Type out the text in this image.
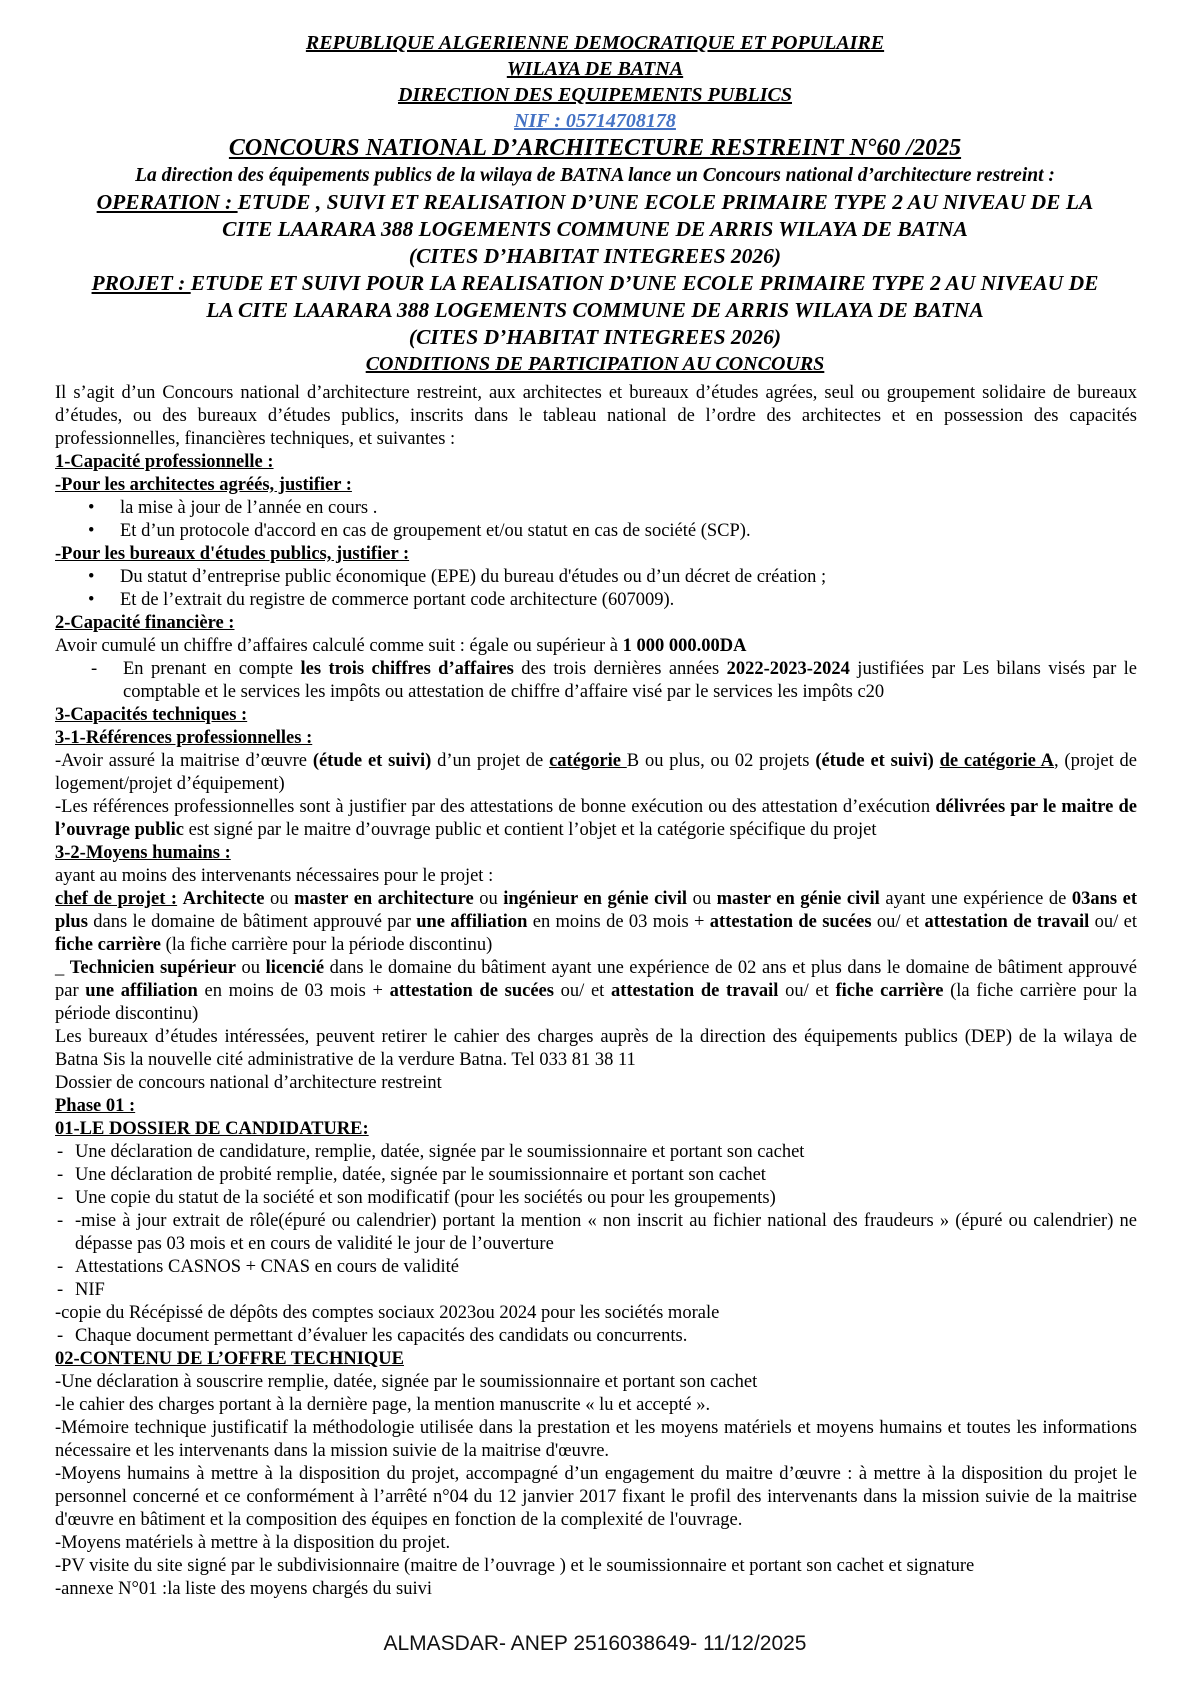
REPUBLIQUE ALGERIENNE DEMOCRATIQUE ET POPULAIRE
WILAYA DE BATNA
DIRECTION DES EQUIPEMENTS PUBLICS
NIF : 05714708178
CONCOURS NATIONAL D’ARCHITECTURE RESTREINT N°60 /2025
La direction des équipements publics de la wilaya de BATNA lance un Concours national d’architecture restreint :
OPERATION : ETUDE , SUIVI ET REALISATION D’UNE ECOLE PRIMAIRE TYPE 2 AU NIVEAU DE LA
CITE LAARARA 388 LOGEMENTS COMMUNE DE ARRIS WILAYA DE BATNA
(CITES D’HABITAT INTEGREES 2026)
PROJET : ETUDE ET SUIVI POUR LA REALISATION D’UNE ECOLE PRIMAIRE TYPE 2 AU NIVEAU DE
LA CITE LAARARA 388 LOGEMENTS COMMUNE DE ARRIS WILAYA DE BATNA
(CITES D’HABITAT INTEGREES 2026)
CONDITIONS DE PARTICIPATION AU CONCOURS
Il s’agit d’un Concours national d’architecture restreint, aux architectes et bureaux d’études agrées, seul ou groupement solidaire de bureaux d’études, ou des bureaux d’études publics, inscrits dans le tableau national de l’ordre des architectes et en possession des capacités professionnelles, financières techniques, et suivantes :
1-Capacité professionnelle :
-Pour les architectes agréés, justifier :
• la mise à jour de l’année en cours .
• Et d’un protocole d'accord en cas de groupement et/ou statut en cas de société (SCP).
-Pour les bureaux d'études publics, justifier :
• Du statut d’entreprise public économique (EPE) du bureau d'études ou d’un décret de création ;
• Et de l’extrait du registre de commerce portant code architecture (607009).
2-Capacité financière :
Avoir cumulé un chiffre d’affaires calculé comme suit : égale ou supérieur à 1 000 000.00DA
- En prenant en compte les trois chiffres d’affaires des trois dernières années 2022-2023-2024 justifiées par Les bilans visés par le comptable et le services les impôts ou attestation de chiffre d’affaire visé par le services les impôts c20
3-Capacités techniques :
3-1-Références professionnelles :
-Avoir assuré la maitrise d’œuvre (étude et suivi) d’un projet de catégorie B ou plus, ou 02 projets (étude et suivi) de catégorie A, (projet de logement/projet d’équipement)
-Les références professionnelles sont à justifier par des attestations de bonne exécution ou des attestation d’exécution délivrées par le maitre de l’ouvrage public est signé par le maitre d’ouvrage public et contient l’objet et la catégorie spécifique du projet
3-2-Moyens humains :
ayant au moins des intervenants nécessaires pour le projet :
chef de projet : Architecte ou master en architecture ou ingénieur en génie civil ou master en génie civil ayant une expérience de 03ans et plus dans le domaine de bâtiment approuvé par une affiliation en moins de 03 mois + attestation de sucées ou/ et attestation de travail ou/ et fiche carrière (la fiche carrière pour la période discontinu)
_ Technicien supérieur ou licencié dans le domaine du bâtiment ayant une expérience de 02 ans et plus dans le domaine de bâtiment approuvé par une affiliation en moins de 03 mois + attestation de sucées ou/ et attestation de travail ou/ et fiche carrière (la fiche carrière pour la période discontinu)
Les bureaux d’études intéressées, peuvent retirer le cahier des charges auprès de la direction des équipements publics (DEP) de la wilaya de Batna Sis la nouvelle cité administrative de la verdure Batna. Tel 033 81 38 11
Dossier de concours national d’architecture restreint
Phase 01 :
01-LE DOSSIER DE CANDIDATURE:
- Une déclaration de candidature, remplie, datée, signée par le soumissionnaire et portant son cachet
- Une déclaration de probité remplie, datée, signée par le soumissionnaire et portant son cachet
- Une copie du statut de la société et son modificatif (pour les sociétés ou pour les groupements)
- -mise à jour extrait de rôle(épuré ou calendrier) portant la mention « non inscrit au fichier national des fraudeurs » (épuré ou calendrier) ne dépasse pas 03 mois et en cours de validité le jour de l’ouverture
- Attestations CASNOS + CNAS en cours de validité
- NIF
-copie du Récépissé de dépôts des comptes sociaux 2023ou 2024 pour les sociétés morale
- Chaque document permettant d’évaluer les capacités des candidats ou concurrents.
02-CONTENU DE L’OFFRE TECHNIQUE
-Une déclaration à souscrire remplie, datée, signée par le soumissionnaire et portant son cachet
-le cahier des charges portant à la dernière page, la mention manuscrite « lu et accepté ».
-Mémoire technique justificatif la méthodologie utilisée dans la prestation et les moyens matériels et moyens humains et toutes les informations nécessaire et les intervenants dans la mission suivie de la maitrise d'œuvre.
-Moyens humains à mettre à la disposition du projet, accompagné d’un engagement du maitre d’œuvre : à mettre à la disposition du projet le personnel concerné et ce conformément à l’arrêté n°04 du 12 janvier 2017 fixant le profil des intervenants dans la mission suivie de la maitrise d'œuvre en bâtiment et la composition des équipes en fonction de la complexité de l'ouvrage.
-Moyens matériels à mettre à la disposition du projet.
-PV visite du site signé par le subdivisionnaire (maitre de l’ouvrage ) et le soumissionnaire et portant son cachet et signature
-annexe N°01 :la liste des moyens chargés du suivi
ALMASDAR- ANEP 2516038649- 11/12/2025
